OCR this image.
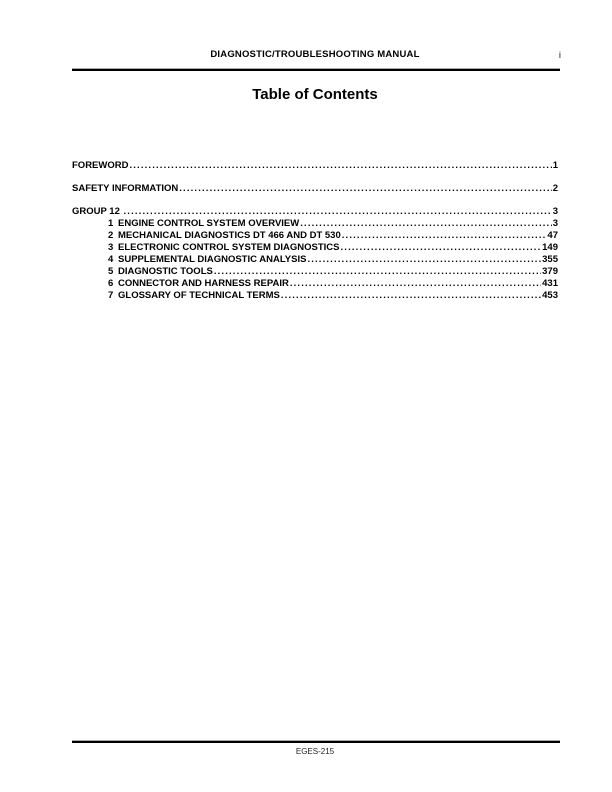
DIAGNOSTIC/TROUBLESHOOTING MANUAL	i
Table of Contents
FOREWORD .....	1
SAFETY INFORMATION .....	2
GROUP 12 .....	3
1 ENGINE CONTROL SYSTEM OVERVIEW .....	3
2 MECHANICAL DIAGNOSTICS DT 466 AND DT 530 .....	47
3 ELECTRONIC CONTROL SYSTEM DIAGNOSTICS .....	149
4 SUPPLEMENTAL DIAGNOSTIC ANALYSIS .....	355
5 DIAGNOSTIC TOOLS .....	379
6 CONNECTOR AND HARNESS REPAIR .....	431
7 GLOSSARY OF TECHNICAL TERMS .....	453
EGES-215
